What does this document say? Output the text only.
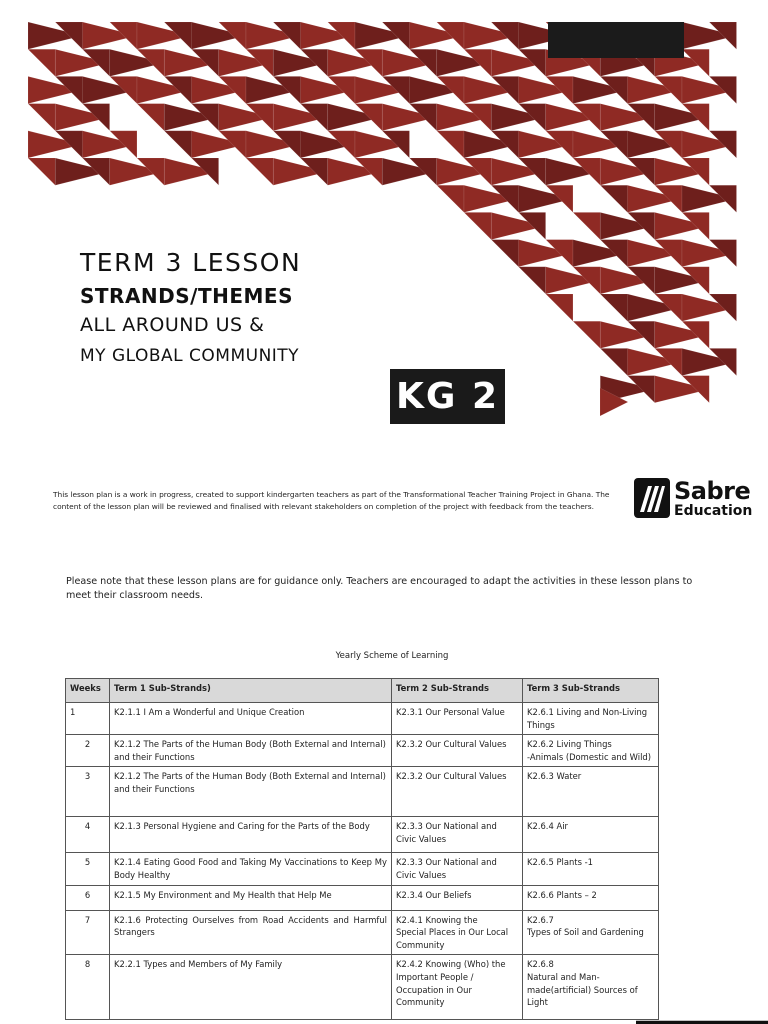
TERM 3 LESSON
STRANDS/THEMES
ALL AROUND US &
MY GLOBAL COMMUNITY
KG 2

This lesson plan is a work in progress, created to support kindergarten teachers as part of the Transformational Teacher Training Project in Ghana. The content of the lesson plan will be reviewed and finalised with relevant stakeholders on completion of the project with feedback from the teachers.

Sabre
Education

Please note that these lesson plans are for guidance only. Teachers are encouraged to adapt the activities in these lesson plans to meet their classroom needs.

Yearly Scheme of Learning

Weeks	Term 1 Sub-Strands)	Term 2 Sub-Strands	Term 3 Sub-Strands
1	K2.1.1 I Am a Wonderful and Unique Creation	K2.3.1 Our Personal Value	K2.6.1 Living and Non-Living Things
2	K2.1.2 The Parts of the Human Body (Both External and Internal) and their Functions	K2.3.2 Our Cultural Values	K2.6.2 Living Things
-Animals (Domestic and Wild)
3	K2.1.2 The Parts of the Human Body (Both External and Internal) and their Functions	K2.3.2 Our Cultural Values	K2.6.3 Water
4	K2.1.3 Personal Hygiene and Caring for the Parts of the Body	K2.3.3 Our National and Civic Values	K2.6.4 Air
5	K2.1.4 Eating Good Food and Taking My Vaccinations to Keep My Body Healthy	K2.3.3 Our National and Civic Values	K2.6.5 Plants -1
6	K2.1.5 My Environment and My Health that Help Me	K2.3.4 Our Beliefs	K2.6.6 Plants – 2
7	K2.1.6 Protecting Ourselves from Road Accidents and Harmful Strangers	K2.4.1 Knowing the
Special Places in Our Local Community	K2.6.7
Types of Soil and Gardening
8	K2.2.1 Types and Members of My Family	K2.4.2 Knowing (Who) the Important People / Occupation in Our Community	K2.6.8
Natural and Man-made(artificial) Sources of Light
